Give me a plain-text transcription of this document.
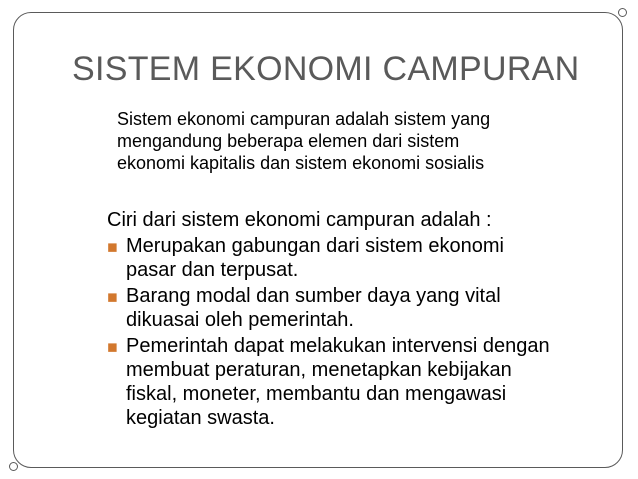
SISTEM EKONOMI CAMPURAN
Sistem ekonomi campuran adalah sistem yang
mengandung beberapa elemen dari sistem
ekonomi kapitalis dan sistem ekonomi sosialis
Ciri dari sistem ekonomi campuran adalah :
◼ Merupakan gabungan dari sistem ekonomi
pasar dan terpusat.
◼ Barang modal dan sumber daya yang vital
dikuasai oleh pemerintah.
◼ Pemerintah dapat melakukan intervensi dengan
membuat peraturan, menetapkan kebijakan
fiskal, moneter, membantu dan mengawasi
kegiatan swasta.
